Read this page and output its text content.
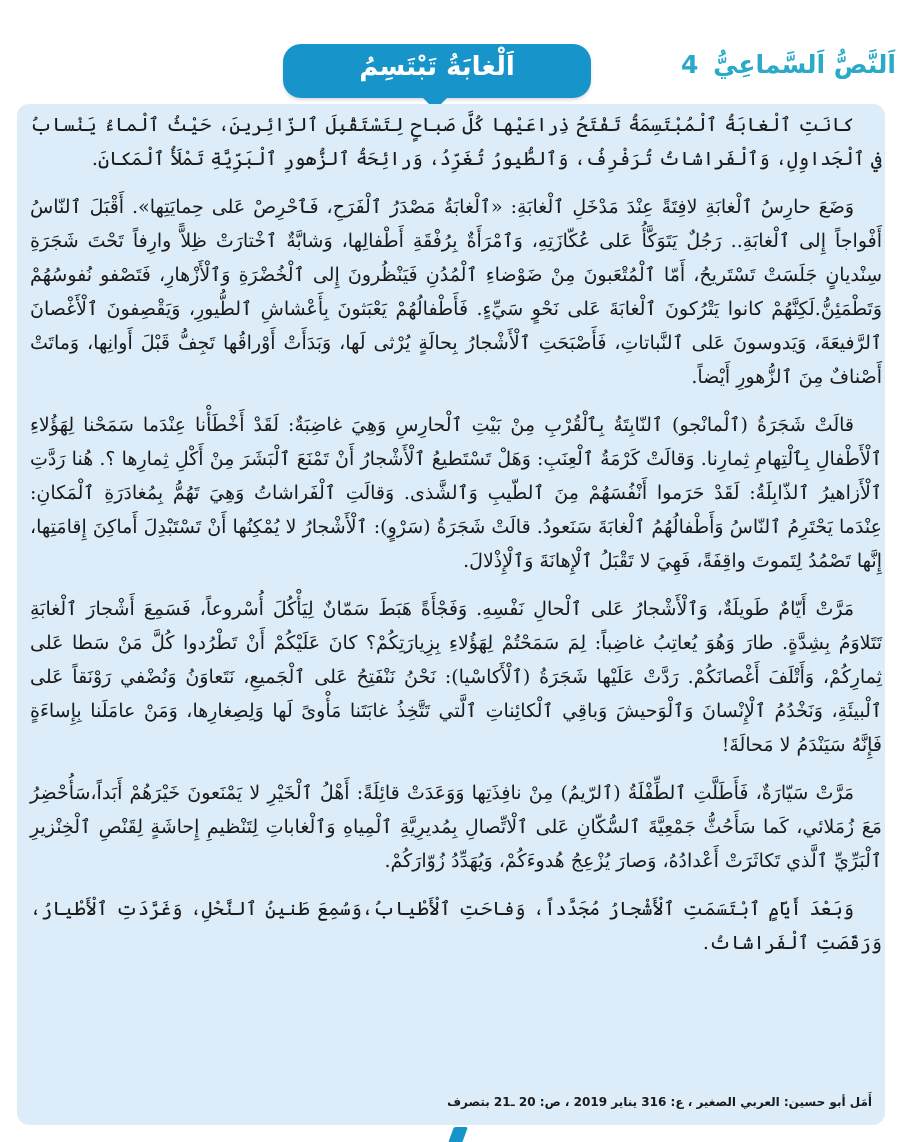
اَلنَّصُّ اَلسَّماعِيُّ 4
اَلْغابَةُ تَبْتَسِمُ

كانَتِ ٱلْغابَةُ ٱلْمُبْتَسِمَةُ تَفْتَحُ ذِراعَيْها كُلَّ صَباحٍ لِتَسْتَقْبِلَ ٱلزّائِرينَ، حَيْثُ ٱلْماءُ يَنْسابُ في ٱلْجَداوِلِ، وَٱلْفَراشاتُ تُرَفْرِفُ، وَٱلطُّيورُ تُغَرِّدُ، وَرائِحَةُ ٱلزُّهورِ ٱلْبَرِّيَّةِ تَمْلَأُ ٱلْمَكانَ.

وَضَعَ حارِسُ ٱلْغابَةِ لافِتَةً عِنْدَ مَدْخَلِ ٱلْغابَةِ: «ٱلْغابَةُ مَصْدَرُ ٱلْفَرَحِ، فَٱحْرِصْ عَلى حِمايَتِها». أَقْبَلَ ٱلنّاسُ أَفْواجاً إِلى ٱلْغابَةِ.. رَجُلٌ يَتَوَكَّأُ عَلى عُكّازَتِهِ، وَٱمْرَأَةٌ بِرُفْقَةِ أَطْفالِها، وَشابَّةٌ ٱخْتارَتْ ظِلاًّ وارِفاً تَحْتَ شَجَرَةِ سِنْديانٍ جَلَسَتْ تَسْتَريحُ، أَمّا ٱلْمُتْعَبونَ مِنْ ضَوْضاءِ ٱلْمُدُنِ فَيَنْظُرونَ إِلى ٱلْخُضْرَةِ وَٱلْأَزْهارِ، فَتَصْفو نُفوسُهُمْ وَتَطْمَئِنُّ.لَكِنَّهُمْ كانوا يَتْرُكونَ ٱلْغابَةَ عَلى نَحْوٍ سَيِّءٍ. فَأَطْفالُهُمْ يَعْبَثونَ بِأَعْشاشِ ٱلطُّيورِ، وَيَقْصِفونَ ٱلْأَغْصانَ ٱلرَّفيعَةَ، وَيَدوسونَ عَلى ٱلنَّباتاتِ، فَأَصْبَحَتِ ٱلْأَشْجارُ بِحالَةٍ يُرْثى لَها، وَبَدَأَتْ أَوْراقُها تَجِفُّ قَبْلَ أَوانِها، وَماتَتْ أَصْنافٌ مِنَ ٱلزُّهورِ أَيْضاً.

قالَتْ شَجَرَةُ (ٱلْمانْجو) ٱلنّابِتَةُ بِٱلْقُرْبِ مِنْ بَيْتِ ٱلْحارِسِ وَهِيَ غاضِبَةٌ: لَقَدْ أَخْطَأْنا عِنْدَما سَمَحْنا لِهَؤُلاءِ ٱلْأَطْفالِ بِٱلْتِهامِ ثِمارِنا. وَقالَتْ كَرْمَةُ ٱلْعِنَبِ: وَهَلْ تَسْتَطيعُ ٱلْأَشْجارُ أَنْ تَمْنَعَ ٱلْبَشَرَ مِنْ أَكْلِ ثِمارِها ؟. هُنا رَدَّتِ ٱلْأَزاهيرُ ٱلذّابِلَةُ: لَقَدْ حَرَموا أَنْفُسَهُمْ مِنَ ٱلطّيبِ وَٱلشَّذى. وَقالَتِ ٱلْفَراشاتُ وَهِيَ تَهُمُّ بِمُغادَرَةِ ٱلْمَكانِ: عِنْدَما يَحْتَرِمُ ٱلنّاسُ وَأَطْفالُهُمُ ٱلْغابَةَ سَنَعودُ. قالَتْ شَجَرَةُ (سَرْوٍ): ٱلْأَشْجارُ لا يُمْكِنُها أَنْ تَسْتَبْدِلَ أَماكِنَ إِقامَتِها، إِنَّها تَصْمُدُ لِتَموتَ واقِفَةً، فَهِيَ لا تَقْبَلُ ٱلْإِهانَةَ وَٱلْإِذْلالَ.

مَرَّتْ أَيّامٌ طَويلَةٌ، وَٱلْأَشْجارُ عَلى ٱلْحالِ نَفْسِهِ. وَفَجْأَةً هَبَطَ سَمّانٌ لِيَأْكُلَ أُسْروعاً، فَسَمِعَ أَشْجارَ ٱلْغابَةِ تَتَلاوَمُ بِشِدَّةٍ. طارَ وَهُوَ يُعاتِبُ غاضِباً: لِمَ سَمَحْتُمْ لِهَؤُلاءِ بِزِيارَتِكُمْ؟ كانَ عَلَيْكُمْ أَنْ تَطْرُدوا كُلَّ مَنْ سَطا عَلى ثِمارِكُمْ، وَأَتْلَفَ أَغْصانَكُمْ. رَدَّتْ عَلَيْها شَجَرَةُ (ٱلْأَكاسْيا): نَحْنُ نَنْفَتِحُ عَلى ٱلْجَميعِ، نَتَعاوَنُ وَنُضْفي رَوْنَقاً عَلى ٱلْبيئَةِ، وَنَخْدُمُ ٱلْإِنْسانَ وَٱلْوَحيشَ وَباقِي ٱلْكائِناتِ ٱلَّتي تَتَّخِذُ غابَتَنا مَأْوىً لَها وَلِصِغارِها، وَمَنْ عامَلَنا بِإِساءَةٍ فَإِنَّهُ سَيَنْدَمُ لا مَحالَةَ!

مَرَّتْ سَيّارَةٌ، فَأَطَلَّتِ ٱلطِّفْلَةُ (ٱلرّيمُ) مِنْ نافِذَتِها وَوَعَدَتْ قائِلَةً: أَهْلُ ٱلْخَيْرِ لا يَمْنَعونَ خَيْرَهُمْ أَبَداً،سَأُحْضِرُ مَعَ زُمَلائي، كَما سَأَحُثُّ جَمْعِيَّةَ ٱلسُّكّانِ عَلى ٱلْاتِّصالِ بِمُديرِيَّةِ ٱلْمِياهِ وَٱلْغاباتِ لِتَنْظيمِ إِحاشَةٍ لِقَنْصِ ٱلْخِنْزيرِ ٱلْبَرِّيِّ ٱلَّذي تَكاثَرَتْ أَعْدادُهُ، وَصارَ يُزْعِجُ هُدوءَكُمْ، وَيُهَدِّدُ زُوّارَكُمْ.

وَبَعْدَ أَيّامٍ ٱبْتَسَمَتِ ٱلْأَشْجارُ مُجَدَّداً، وَفاحَتِ ٱلْأَطْيابُ،وَسُمِعَ طَنينُ ٱلنَّحْلِ، وَغَرَّدَتِ ٱلْأَطْيارُ، وَرَقَصَتِ ٱلْفَراشاتُ.

أَمَل أبو حسين: العربي الصغير ، ع: 316 يناير 2019 ، ص: 20 ـ21 بتصرف
